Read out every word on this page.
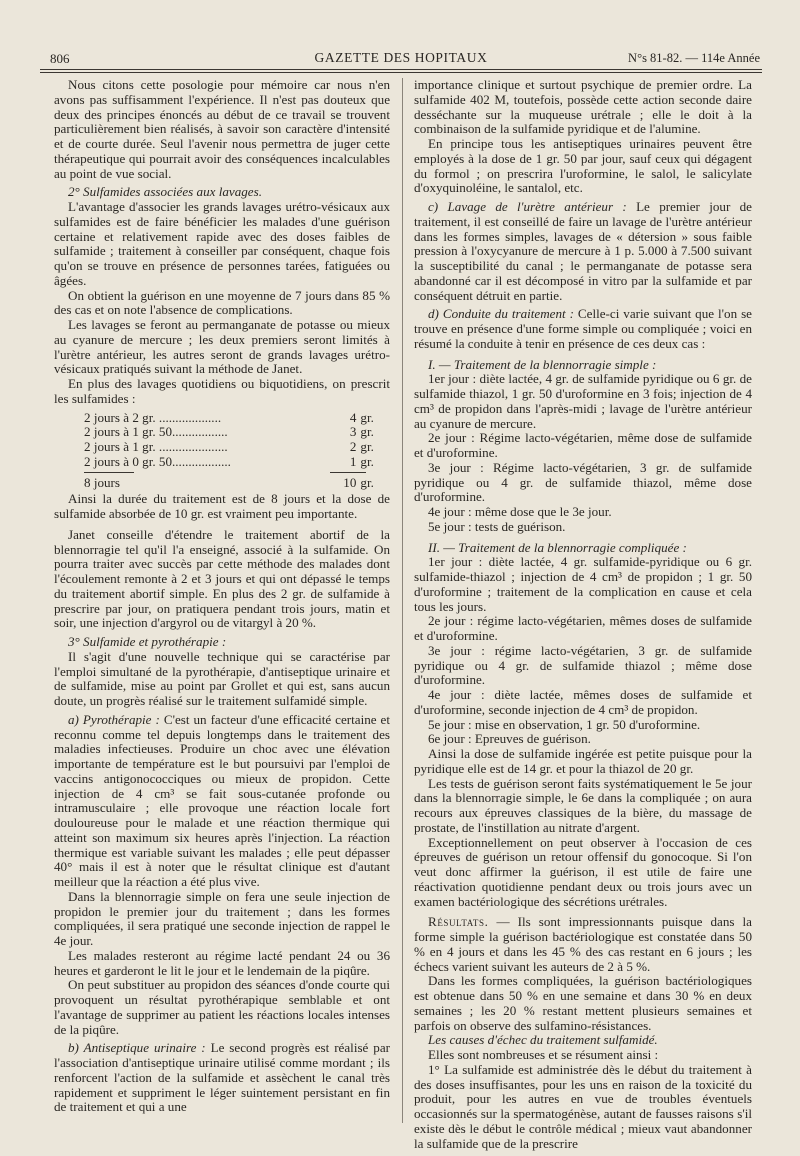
806	GAZETTE DES HOPITAUX	N°s 81-82. — 114e Année

Nous citons cette posologie pour mémoire car nous n'en avons pas suffisamment l'expérience. Il n'est pas douteux que deux des principes énoncés au début de ce travail se trouvent particulièrement bien réalisés, à savoir son caractère d'intensité et de courte durée. Seul l'avenir nous permettra de juger cette thérapeutique qui pourrait avoir des conséquences incalculables au point de vue social.

2° Sulfamides associées aux lavages.

L'avantage d'associer les grands lavages urétro-vésicaux aux sulfamides est de faire bénéficier les malades d'une guérison certaine et relativement rapide avec des doses faibles de sulfamide ; traitement à conseiller par conséquent, chaque fois qu'on se trouve en présence de personnes tarées, fatiguées ou âgées.

On obtient la guérison en une moyenne de 7 jours dans 85 % des cas et on note l'absence de complications.

Les lavages se feront au permanganate de potasse ou mieux au cyanure de mercure ; les deux premiers seront limités à l'urètre antérieur, les autres seront de grands lavages urétro-vésicaux pratiqués suivant la méthode de Janet.

En plus des lavages quotidiens ou biquotidiens, on prescrit les sulfamides :

2 jours à 2 gr. ...................	4 gr.
2 jours à 1 gr. 50.................	3 gr.
2 jours à 1 gr. .....................	2 gr.
2 jours à 0 gr. 50..................	1 gr.
8 jours	10 gr.

Ainsi la durée du traitement est de 8 jours et la dose de sulfamide absorbée de 10 gr. est vraiment peu importante.

Janet conseille d'étendre le traitement abortif de la blennorragie tel qu'il l'a enseigné, associé à la sulfamide. On pourra traiter avec succès par cette méthode des malades dont l'écoulement remonte à 2 et 3 jours et qui ont dépassé le temps du traitement abortif simple. En plus des 2 gr. de sulfamide à prescrire par jour, on pratiquera pendant trois jours, matin et soir, une injection d'argyrol ou de vitargyl à 20 %.

3° Sulfamide et pyrothérapie :

Il s'agit d'une nouvelle technique qui se caractérise par l'emploi simultané de la pyrothérapie, d'antiseptique urinaire et de sulfamide, mise au point par Grollet et qui est, sans aucun doute, un progrès réalisé sur le traitement sulfamidé simple.

a) Pyrothérapie : C'est un facteur d'une efficacité certaine et reconnu comme tel depuis longtemps dans le traitement des maladies infectieuses. Produire un choc avec une élévation importante de température est le but poursuivi par l'emploi de vaccins antigonococciques ou mieux de propidon. Cette injection de 4 cm³ se fait sous-cutanée profonde ou intramusculaire ; elle provoque une réaction locale fort douloureuse pour le malade et une réaction thermique qui atteint son maximum six heures après l'injection. La réaction thermique est variable suivant les malades ; elle peut dépasser 40° mais il est à noter que le résultat clinique est d'autant meilleur que la réaction a été plus vive.

Dans la blennorragie simple on fera une seule injection de propidon le premier jour du traitement ; dans les formes compliquées, il sera pratiqué une seconde injection de rappel le 4e jour.

Les malades resteront au régime lacté pendant 24 ou 36 heures et garderont le lit le jour et le lendemain de la piqûre.

On peut substituer au propidon des séances d'onde courte qui provoquent un résultat pyrothérapique semblable et ont l'avantage de supprimer au patient les réactions locales intenses de la piqûre.

b) Antiseptique urinaire : Le second progrès est réalisé par l'association d'antiseptique urinaire utilisé comme mordant ; ils renforcent l'action de la sulfamide et assèchent le canal très rapidement et suppriment le léger suintement persistant en fin de traitement et qui a une

importance clinique et surtout psychique de premier ordre. La sulfamide 402 M, toutefois, possède cette action seconde daire desséchante sur la muqueuse urétrale ; elle le doit à la combinaison de la sulfamide pyridique et de l'alumine.

En principe tous les antiseptiques urinaires peuvent être employés à la dose de 1 gr. 50 par jour, sauf ceux qui dégagent du formol ; on prescrira l'uroformine, le salol, le salicylate d'oxyquinoléine, le santalol, etc.

c) Lavage de l'urètre antérieur : Le premier jour de traitement, il est conseillé de faire un lavage de l'urètre antérieur dans les formes simples, lavages de « détersion » sous faible pression à l'oxycyanure de mercure à 1 p. 5.000 à 7.500 suivant la susceptibilité du canal ; le permanganate de potasse sera abandonné car il est décomposé in vitro par la sulfamide et par conséquent détruit en partie.

d) Conduite du traitement : Celle-ci varie suivant que l'on se trouve en présence d'une forme simple ou compliquée ; voici en résumé la conduite à tenir en présence de ces deux cas :

I. — Traitement de la blennorragie simple :

1er jour : diète lactée, 4 gr. de sulfamide pyridique ou 6 gr. de sulfamide thiazol, 1 gr. 50 d'uroformine en 3 fois; injection de 4 cm³ de propidon dans l'après-midi ; lavage de l'urètre antérieur au cyanure de mercure.

2e jour : Régime lacto-végétarien, même dose de sulfamide et d'uroformine.

3e jour : Régime lacto-végétarien, 3 gr. de sulfamide pyridique ou 4 gr. de sulfamide thiazol, même dose d'uroformine.

4e jour : même dose que le 3e jour.

5e jour : tests de guérison.

II. — Traitement de la blennorragie compliquée :

1er jour : diète lactée, 4 gr. sulfamide-pyridique ou 6 gr. sulfamide-thiazol ; injection de 4 cm³ de propidon ; 1 gr. 50 d'uroformine ; traitement de la complication en cause et cela tous les jours.

2e jour : régime lacto-végétarien, mêmes doses de sulfamide et d'uroformine.

3e jour : régime lacto-végétarien, 3 gr. de sulfamide pyridique ou 4 gr. de sulfamide thiazol ; même dose d'uroformine.

4e jour : diète lactée, mêmes doses de sulfamide et d'uroformine, seconde injection de 4 cm³ de propidon.

5e jour : mise en observation, 1 gr. 50 d'uroformine.

6e jour : Epreuves de guérison.

Ainsi la dose de sulfamide ingérée est petite puisque pour la pyridique elle est de 14 gr. et pour la thiazol de 20 gr.

Les tests de guérison seront faits systématiquement le 5e jour dans la blennorragie simple, le 6e dans la compliquée ; on aura recours aux épreuves classiques de la bière, du massage de prostate, de l'instillation au nitrate d'argent.

Exceptionnellement on peut observer à l'occasion de ces épreuves de guérison un retour offensif du gonocoque. Si l'on veut donc affirmer la guérison, il est utile de faire une réactivation quotidienne pendant deux ou trois jours avec un examen bactériologique des sécrétions urétrales.

Résultats. — Ils sont impressionnants puisque dans la forme simple la guérison bactériologique est constatée dans 50 % en 4 jours et dans les 45 % des cas restant en 6 jours ; les échecs varient suivant les auteurs de 2 à 5 %.

Dans les formes compliquées, la guérison bactériologiques est obtenue dans 50 % en une semaine et dans 30 % en deux semaines ; les 20 % restant mettent plusieurs semaines et parfois on observe des sulfamino-résistances.

Les causes d'échec du traitement sulfamidé.

Elles sont nombreuses et se résument ainsi :

1° La sulfamide est administrée dès le début du traitement à des doses insuffisantes, pour les uns en raison de la toxicité du produit, pour les autres en vue de troubles éventuels occasionnés sur la spermatogénèse, autant de fausses raisons s'il existe dès le début le contrôle médical ; mieux vaut abandonner la sulfamide que de la prescrire
